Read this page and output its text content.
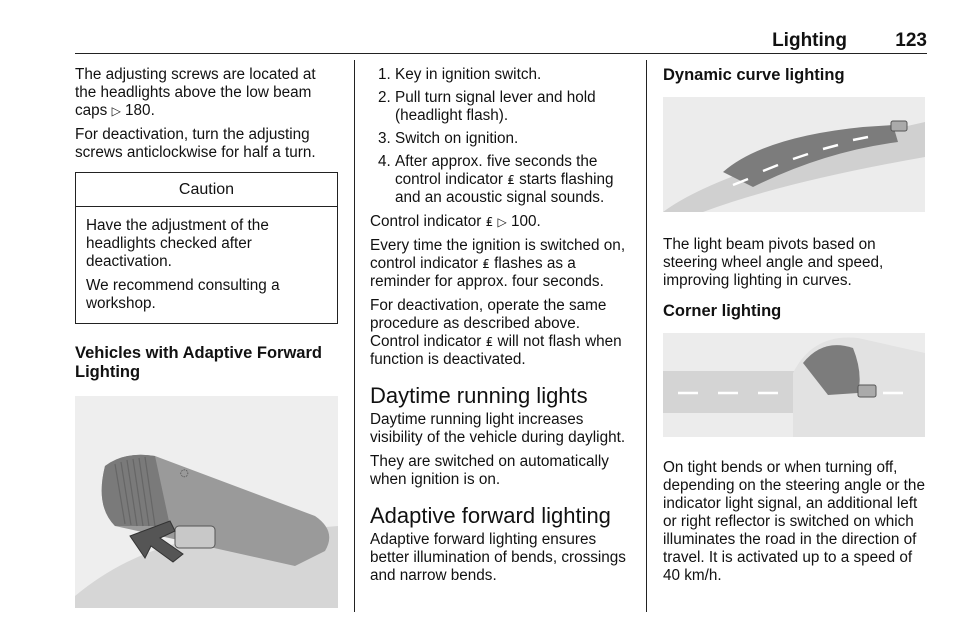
Lighting	123

The adjusting screws are located at the headlights above the low beam caps ▷ 180.

For deactivation, turn the adjusting screws anticlockwise for half a turn.

Caution

Have the adjustment of the headlights checked after deactivation.

We recommend consulting a workshop.

Vehicles with Adaptive Forward Lighting
◌
1. Key in ignition switch.
2. Pull turn signal lever and hold (headlight flash).
3. Switch on ignition.
4. After approx. five seconds the control indicator ₤ starts flashing and an acoustic signal sounds.

Control indicator ₤ ▷ 100.

Every time the ignition is switched on, control indicator ₤ flashes as a reminder for approx. four seconds.

For deactivation, operate the same procedure as described above. Control indicator ₤ will not flash when function is deactivated.

Daytime running lights

Daytime running light increases visibility of the vehicle during daylight.

They are switched on automatically when ignition is on.

Adaptive forward lighting

Adaptive forward lighting ensures better illumination of bends, crossings and narrow bends.

Dynamic curve lighting

The light beam pivots based on steering wheel angle and speed, improving lighting in curves.

Corner lighting

On tight bends or when turning off, depending on the steering angle or the indicator light signal, an additional left or right reflector is switched on which illuminates the road in the direction of travel. It is activated up to a speed of 40 km/h.
